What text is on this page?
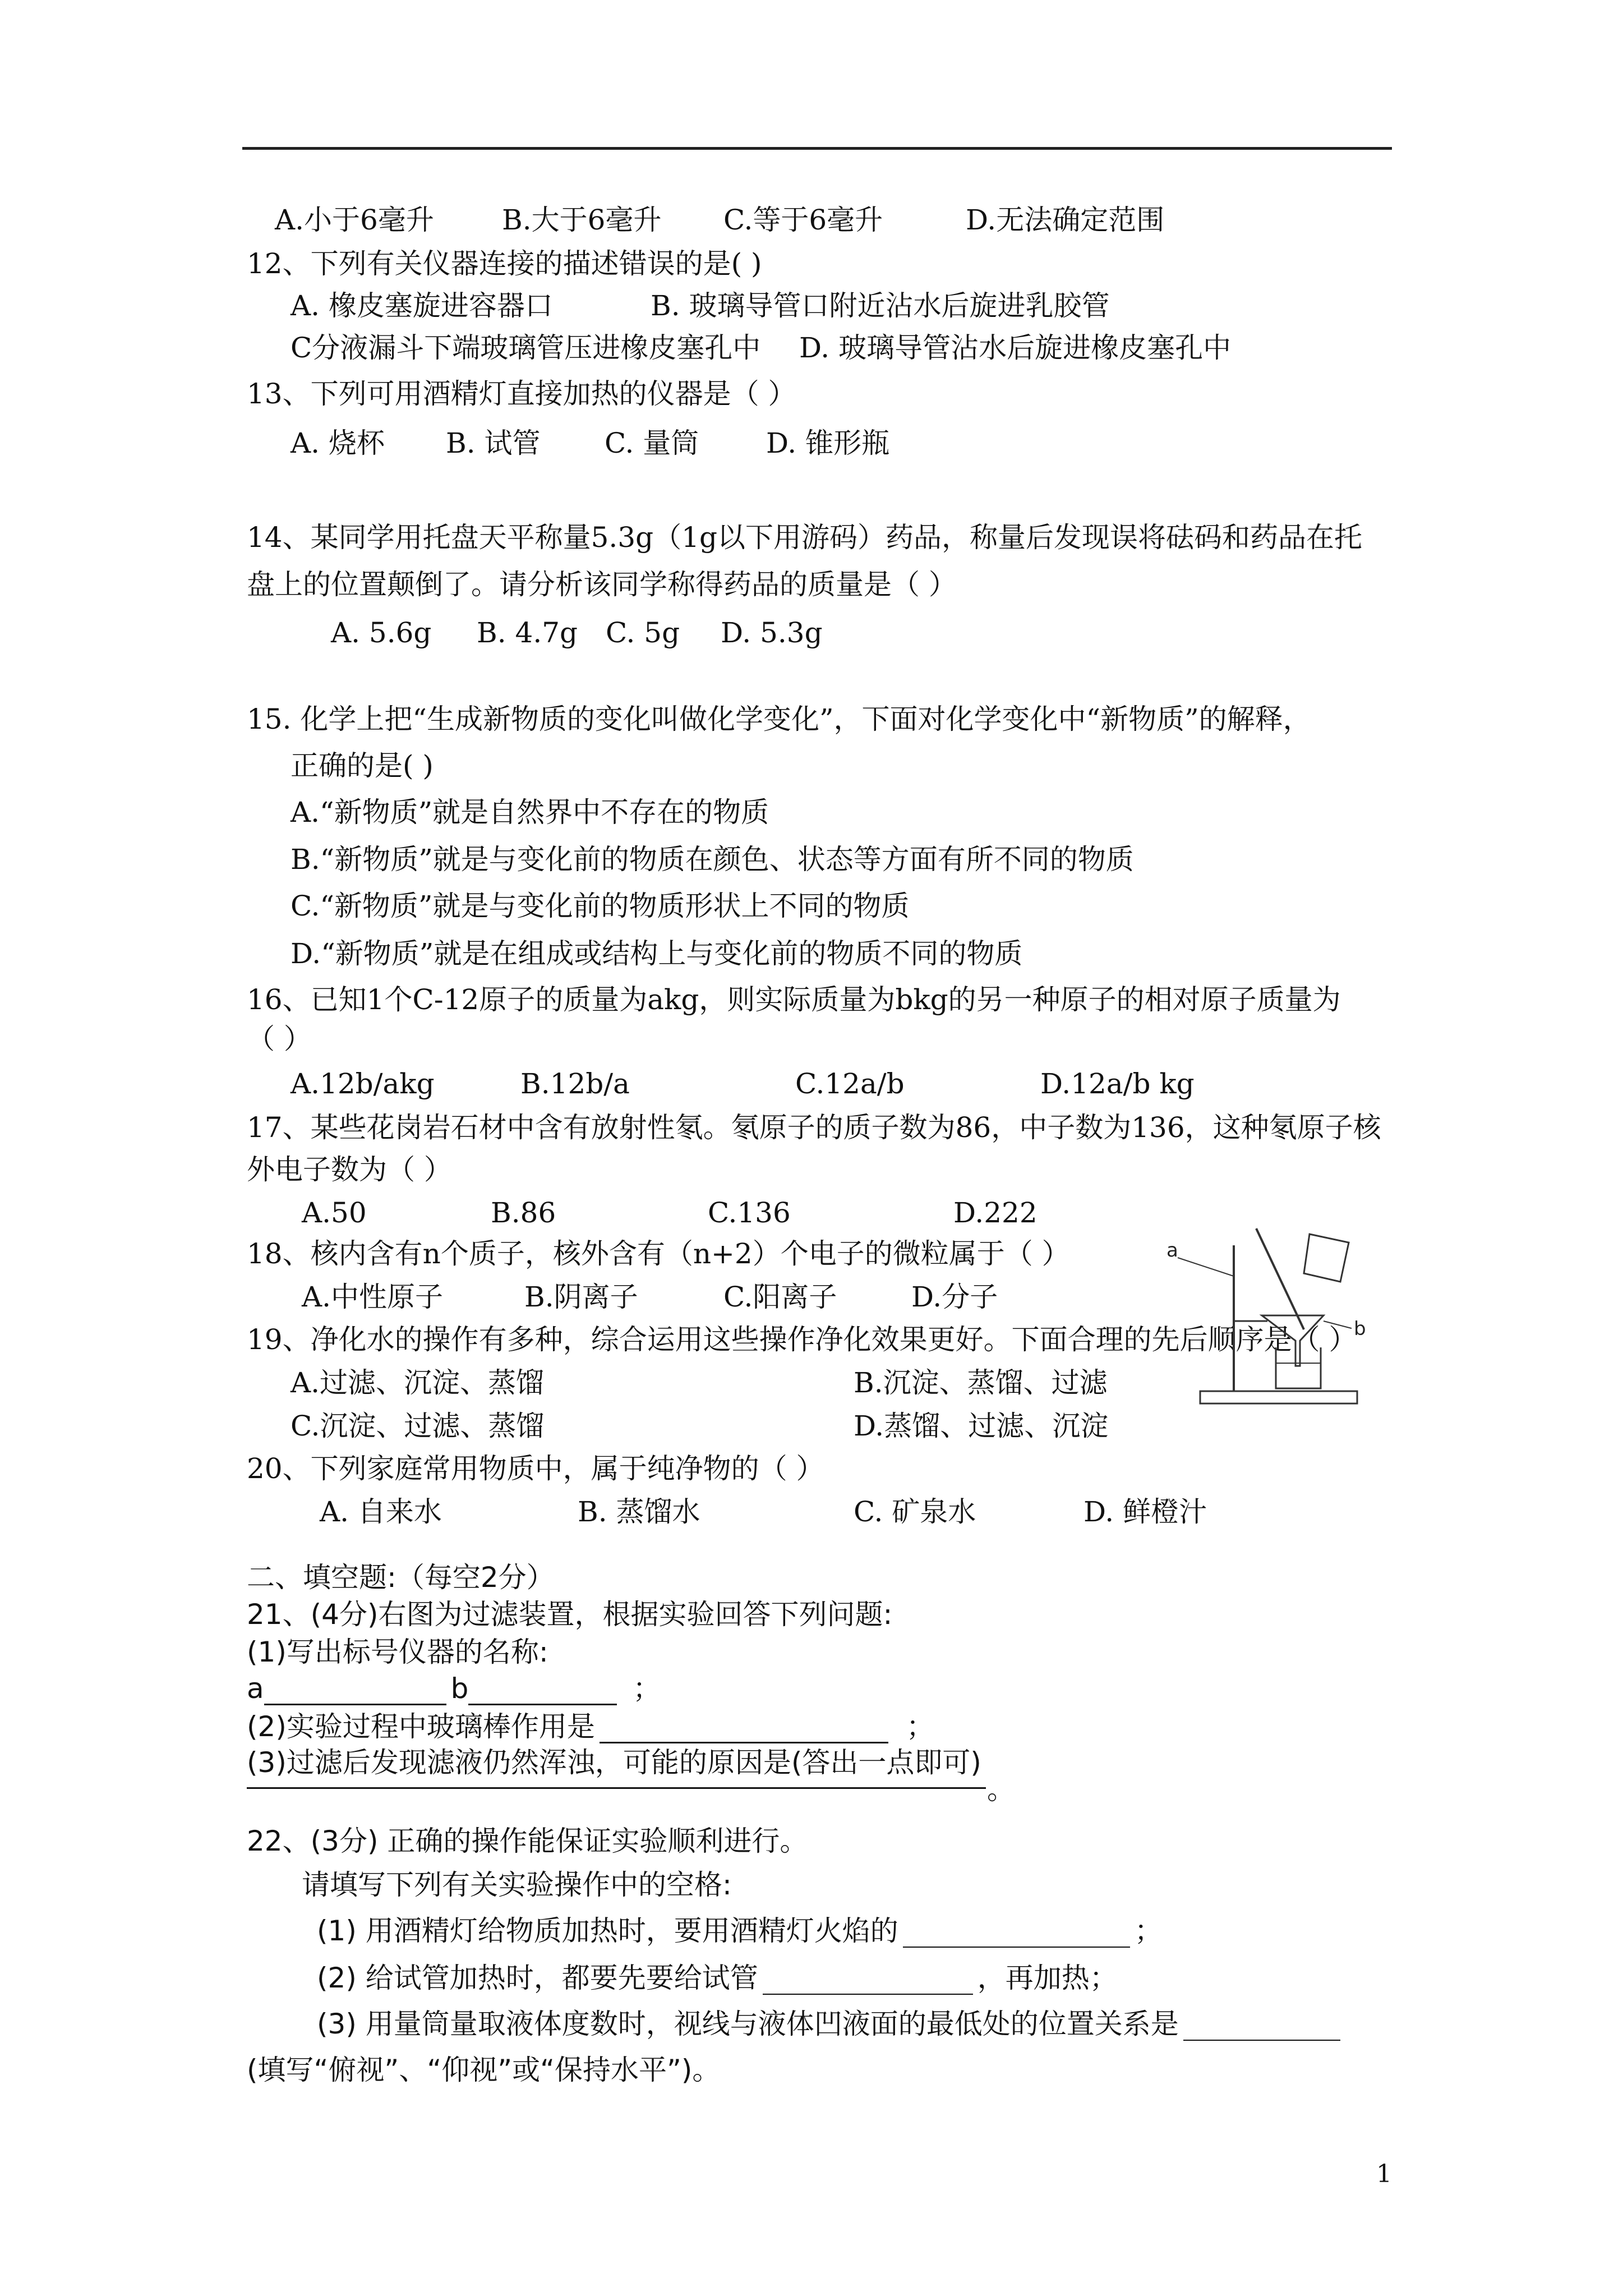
A.小于6毫升 B.大于6毫升 C.等于6毫升	D.无法确定范围
12、下列有关仪器连接的描述错误的是( )
A. 橡皮塞旋进容器口	B. 玻璃导管口附近沾水后旋进乳胶管
C分液漏斗下端玻璃管压进橡皮塞孔中 D. 玻璃导管沾水后旋进橡皮塞孔中
13、下列可用酒精灯直接加热的仪器是（ ）
A. 烧杯 B. 试管 C. 量筒 D. 锥形瓶
14、某同学用托盘天平称量5.3g（1g以下用游码）药品，称量后发现误将砝码和药品在托
盘上的位置颠倒了。请分析该同学称得药品的质量是（ ）
A. 5.6g B. 4.7g C. 5g D. 5.3g
15. 化学上把“生成新物质的变化叫做化学变化”，下面对化学变化中“新物质”的解释，
正确的是( )
A.“新物质”就是自然界中不存在的物质
B.“新物质”就是与变化前的物质在颜色、状态等方面有所不同的物质
C.“新物质”就是与变化前的物质形状上不同的物质
D.“新物质”就是在组成或结构上与变化前的物质不同的物质
16、已知1个C-12原子的质量为akg，则实际质量为bkg的另一种原子的相对原子质量为
（ ）
A.12b/akg	B.12b/a	C.12a/b	D.12a/b kg
17、某些花岗岩石材中含有放射性氡。氡原子的质子数为86，中子数为136，这种氡原子核
外电子数为（ ）
A.50	B.86	C.136	D.222
18、核内含有n个质子，核外含有（n+2）个电子的微粒属于（ ）
A.中性原子	B.阴离子	C.阳离子	D.分子
19、净化水的操作有多种，综合运用这些操作净化效果更好。下面合理的先后顺序是（ ）
A.过滤、沉淀、蒸馏	B.沉淀、蒸馏、过滤
C.沉淀、过滤、蒸馏	D.蒸馏、过滤、沉淀
20、下列家庭常用物质中，属于纯净物的（ ）
A. 自来水	B. 蒸馏水	C. 矿泉水	D. 鲜橙汁
二、填空题:（每空2分）
21、(4分)右图为过滤装置，根据实验回答下列问题:
(1)写出标号仪器的名称:
a	b	；
(2)实验过程中玻璃棒作用是	；
(3)过滤后发现滤液仍然浑浊，可能的原因是(答出一点即可)
。
a
b
22、(3分) 正确的操作能保证实验顺利进行。
请填写下列有关实验操作中的空格:
(1) 用酒精灯给物质加热时，要用酒精灯火焰的	；
(2) 给试管加热时，都要先要给试管	，再加热；
(3) 用量筒量取液体度数时，视线与液体凹液面的最低处的位置关系是
(填写“俯视”、“仰视”或“保持水平”)。
1
